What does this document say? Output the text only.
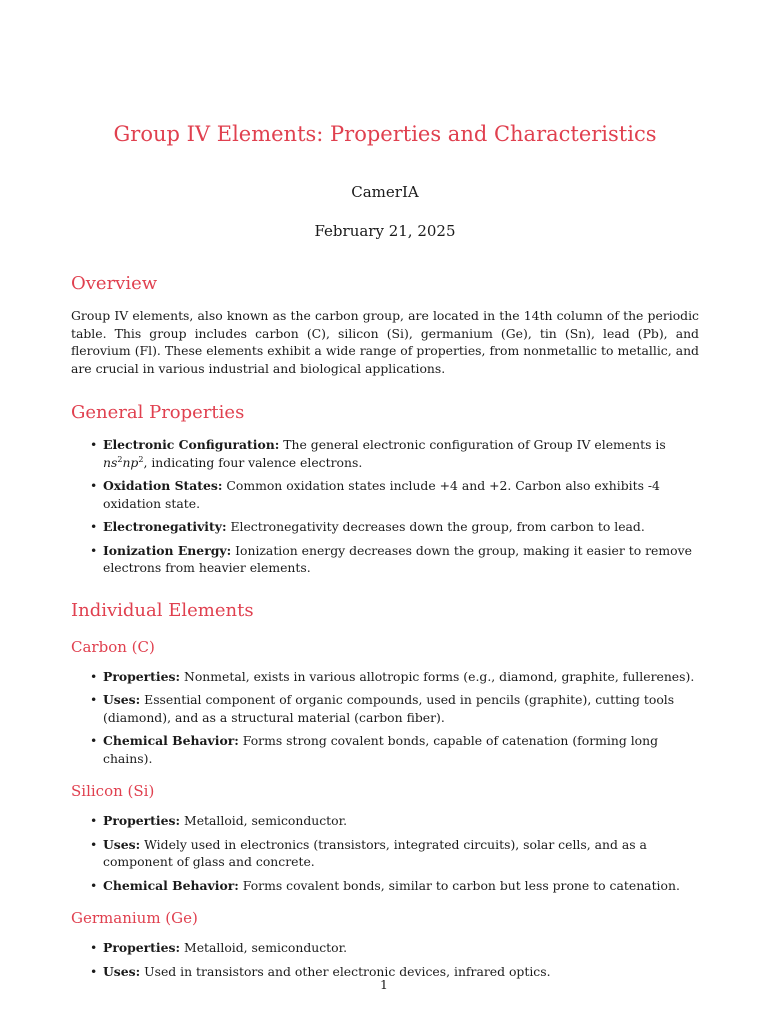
Group IV Elements: Properties and Characteristics
CamerIA
February 21, 2025
Overview

Group IV elements, also known as the carbon group, are located in the 14th column of the periodic table. This group includes carbon (C), silicon (Si), germanium (Ge), tin (Sn), lead (Pb), and flerovium (Fl). These elements exhibit a wide range of properties, from nonmetallic to metallic, and are crucial in various industrial and biological applications.

General Properties
• Electronic Configuration: The general electronic configuration of Group IV elements is $ns^2np^2$, indicating four valence electrons.
• Oxidation States: Common oxidation states include +4 and +2. Carbon also exhibits -4 oxidation state.
• Electronegativity: Electronegativity decreases down the group, from carbon to lead.
• Ionization Energy: Ionization energy decreases down the group, making it easier to remove electrons from heavier elements.
Individual Elements
Carbon (C)
• Properties: Nonmetal, exists in various allotropic forms (e.g., diamond, graphite, fullerenes).
• Uses: Essential component of organic compounds, used in pencils (graphite), cutting tools (diamond), and as a structural material (carbon fiber).
• Chemical Behavior: Forms strong covalent bonds, capable of catenation (forming long chains).
Silicon (Si)
• Properties: Metalloid, semiconductor.
• Uses: Widely used in electronics (transistors, integrated circuits), solar cells, and as a component of glass and concrete.
• Chemical Behavior: Forms covalent bonds, similar to carbon but less prone to catenation.
Germanium (Ge)
• Properties: Metalloid, semiconductor.
• Uses: Used in transistors and other electronic devices, infrared optics.
1
